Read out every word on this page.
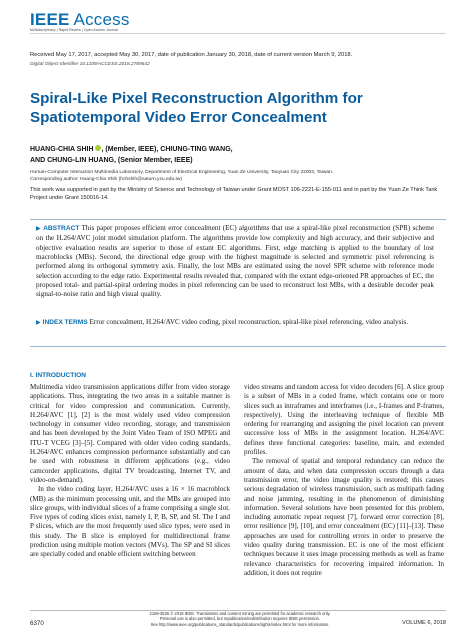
IEEE Access
Multidisciplinary | Rapid Review | Open Access Journal
Received May 17, 2017, accepted May 30, 2017, date of publication January 30, 2018, date of current version March 9, 2018.
Digital Object Identifier 10.1109/ACCESS.2018.2789642
Spiral-Like Pixel Reconstruction Algorithm for Spatiotemporal Video Error Concealment
HUANG-CHIA SHIH , (Member, IEEE), CHIUNG-TING WANG,
AND CHUNG-LIN HUANG, (Senior Member, IEEE)
Human-Computer Interaction Multimedia Laboratory, Department of Electrical Engineering, Yuan Ze University, Taoyuan City 32003, Taiwan.
Corresponding author: Huang-Chia Shih (hchshih@saturn.yzu.edu.tw)
This work was supported in part by the Ministry of Science and Technology of Taiwan under Grant MOST 106-2221-E-155-011 and in part by the Yuan Ze Think Tank Project under Grant 150016-14.
▶ ABSTRACT This paper proposes efficient error concealment (EC) algorithms that use a spiral-like pixel reconstruction (SPR) scheme on the H.264/AVC joint model simulation platform. The algorithms provide low complexity and high accuracy, and their subjective and objective evaluation results are superior to those of extant EC algorithms. First, edge matching is applied to the boundary of lost macroblocks (MBs). Second, the directional edge group with the highest magnitude is selected and symmetric pixel referencing is performed along its orthogonal symmetry axis. Finally, the lost MBs are estimated using the novel SPR scheme with reference mode selection according to the edge ratio. Experimental results revealed that, compared with the extant edge-oriented PR approaches of EC, the proposed total- and partial-spiral ordering modes in pixel referencing can be used to reconstruct lost MBs, with a desirable decoder peak signal-to-noise ratio and high visual quality.
▶ INDEX TERMS Error concealment, H.264/AVC video coding, pixel reconstruction, spiral-like pixel referencing, video analysis.
I. INTRODUCTION

Multimedia video transmission applications differ from video storage applications. Thus, integrating the two areas in a suitable manner is critical for video compression and communication. Currently, H.264/AVC [1], [2] is the most widely used video compression technology in consumer video recording, storage, and transmission and has been developed by the Joint Video Team of ISO MPEG and ITU-T VCEG [3]–[5]. Compared with older video coding standards, H.264/AVC enhances compression performance substantially and can be used with robustness in different applications (e.g., video camcorder applications, digital TV broadcasting, Internet TV, and video-on-demand).

In the video coding layer, H.264/AVC uses a 16 × 16 macroblock (MB) as the minimum processing unit, and the MBs are grouped into slice groups, with individual slices of a frame comprising a single slot. Five types of coding slices exist, namely I, P, B, SP, and SI. The I and P slices, which are the most frequently used slice types, were used in this study. The B slice is employed for multidirectional frame prediction using multiple motion vectors (MVs). The SP and SI slices are specially coded and enable efficient switching between

video streams and random access for video decoders [6]. A slice group is a subset of MBs in a coded frame, which contains one or more slices such as intraframes and interframes (i.e., I-frames and P-frames, respectively). Using the interleaving technique of flexible MB ordering for rearranging and assigning the pixel location can prevent successive loss of MBs in the assignment location. H.264/AVC defines three functional categories: baseline, main, and extended profiles.

The removal of spatial and temporal redundancy can reduce the amount of data, and when data compression occurs through a data transmission error, the video image quality is restored; this causes serious degradation of wireless transmission, such as multipath fading and noise jamming, resulting in the phenomenon of diminishing information. Several solutions have been presented for this problem, including automatic repeat request [7], forward error correction [8], error resilience [9], [10], and error concealment (EC) [11]–[13]. These approaches are used for controlling errors in order to preserve the video quality during transmission. EC is one of the most efficient techniques because it uses image processing methods as well as frame relevance characteristics for recovering impaired information. In addition, it does not require

6370
2169-3536 © 2018 IEEE. Translations and content mining are permitted for academic research only.
Personal use is also permitted, but republication/redistribution requires IEEE permission.
See http://www.ieee.org/publications_standards/publications/rights/index.html for more information.	VOLUME 6, 2018
